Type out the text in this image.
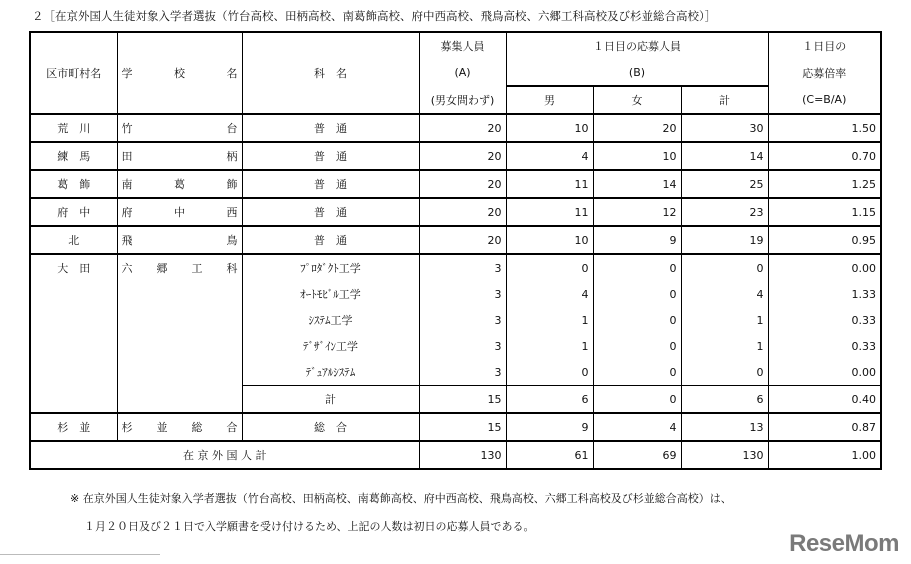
２［在京外国人生徒対象入学者選抜（竹台高校、田柄高校、南葛飾高校、府中西高校、飛鳥高校、六郷工科高校及び杉並総合高校）］
区市町村名	学　　校　　名	科　名	募集人員	１日目の応募人員			１日目の
			(A)	(B)			応募倍率
			(男女問わず)	男	女	計	(C=B/A)
荒　川	竹台	普　通	20	10	20	30	1.50
練　馬	田柄	普　通	20	4	10	14	0.70
葛　飾	南葛飾	普　通	20	11	14	25	1.25
府　中	府中西	普　通	20	11	12	23	1.15
北	飛鳥	普　通	20	10	9	19	0.95
大　田	六郷工科	ﾌﾟﾛﾀﾞｸﾄ工学	3	0	0	0	0.00
		ｵｰﾄﾓﾋﾞﾙ工学	3	4	0	4	1.33
		ｼｽﾃﾑ工学	3	1	0	1	0.33
		ﾃﾞｻﾞｲﾝ工学	3	1	0	1	0.33
		ﾃﾞｭｱﾙｼｽﾃﾑ	3	0	0	0	0.00
		計	15	6	0	6	0.40
杉　並	杉並総合	総　合	15	9	4	13	0.87
在 京 外 国 人 計			130	61	69	130	1.00
※ 在京外国人生徒対象入学者選抜（竹台高校、田柄高校、南葛飾高校、府中西高校、飛鳥高校、六郷工科高校及び杉並総合高校）は、
１月２０日及び２１日で入学願書を受け付けるため、上記の人数は初日の応募人員である。
ReseMom
